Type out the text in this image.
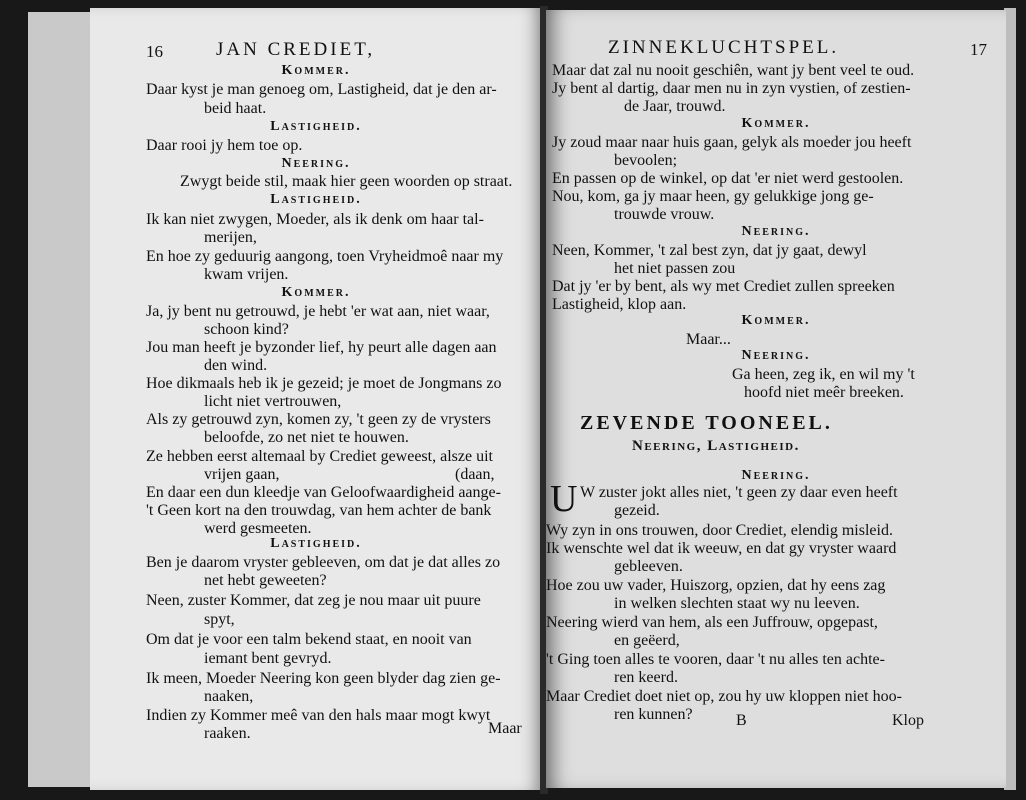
16	JAN CREDIET,
Kommer.
Daar kyst je man genoeg om, Lastigheid, dat je den ar-
beid haat.
Lastigheid.
Daar rooi jy hem toe op.
Neering.
Zwygt beide stil, maak hier geen woorden op straat.
Lastigheid.
Ik kan niet zwygen, Moeder, als ik denk om haar tal-
merijen,
En hoe zy geduurig aangong, toen Vryheidmoê naar my
kwam vrijen.
Kommer.
Ja, jy bent nu getrouwd, je hebt 'er wat aan, niet waar,
schoon kind?
Jou man heeft je byzonder lief, hy peurt alle dagen aan
den wind.
Hoe dikmaals heb ik je gezeid; je moet de Jongmans zo
licht niet vertrouwen,
Als zy getrouwd zyn, komen zy, 't geen zy de vrysters
beloofde, zo net niet te houwen.
Ze hebben eerst altemaal by Crediet geweest, alsze uit
vrijen gaan,	(daan,
En daar een dun kleedje van Geloofwaardigheid aange-
't Geen kort na den trouwdag, van hem achter de bank
werd gesmeeten.
Lastigheid.
Ben je daarom vryster gebleeven, om dat je dat alles zo
net hebt geweeten?
Neen, zuster Kommer, dat zeg je nou maar uit puure
spyt,
Om dat je voor een talm bekend staat, en nooit van
iemant bent gevryd.
Ik meen, Moeder Neering kon geen blyder dag zien ge-
naaken,
Indien zy Kommer meê van den hals maar mogt kwyt
raaken.	Maar
ZINNEKLUCHTSPEL.	17
Maar dat zal nu nooit geschiên, want jy bent veel te oud.
Jy bent al dartig, daar men nu in zyn vystien, of zestien-
de Jaar, trouwd.
Kommer.
Jy zoud maar naar huis gaan, gelyk als moeder jou heeft
bevoolen;
En passen op de winkel, op dat 'er niet werd gestoolen.
Nou, kom, ga jy maar heen, gy gelukkige jong ge-
trouwde vrouw.
Neering.
Neen, Kommer, 't zal best zyn, dat jy gaat, dewyl
het niet passen zou
Dat jy 'er by bent, als wy met Crediet zullen spreeken
Lastigheid, klop aan.
Kommer.
Maar...
Neering.
Ga heen, zeg ik, en wil my 't
hoofd niet meêr breeken.
ZEVENDE TOONEEL.
Neering, Lastigheid.
Neering.
U W zuster jokt alles niet, 't geen zy daar even heeft
gezeid.
Wy zyn in ons trouwen, door Crediet, elendig misleid.
Ik wenschte wel dat ik weeuw, en dat gy vryster waard
gebleeven.
Hoe zou uw vader, Huiszorg, opzien, dat hy eens zag
in welken slechten staat wy nu leeven.
Neering wierd van hem, als een Juffrouw, opgepast,
en geëerd,
't Ging toen alles te vooren, daar 't nu alles ten achte-
ren keerd.
Maar Crediet doet niet op, zou hy uw kloppen niet hoo-
ren kunnen?	B	Klop
